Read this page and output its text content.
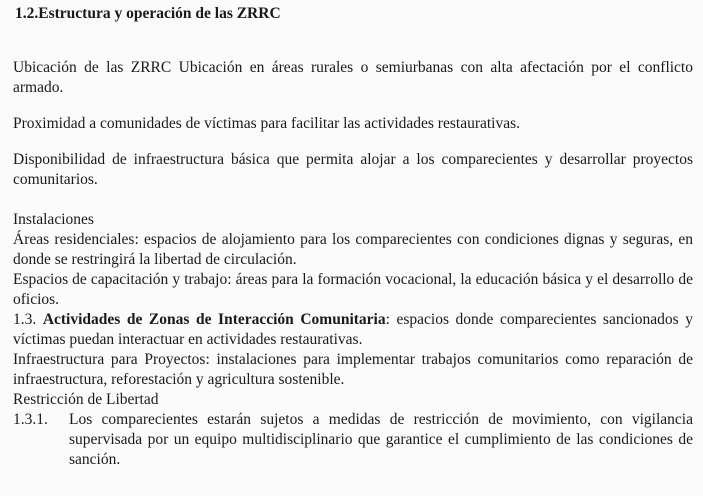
1.2.Estructura y operación de las ZRRC

Ubicación de las ZRRC Ubicación en áreas rurales o semiurbanas con alta afectación por el conflicto armado.

Proximidad a comunidades de víctimas para facilitar las actividades restaurativas.

Disponibilidad de infraestructura básica que permita alojar a los comparecientes y desarrollar proyectos comunitarios.

Instalaciones

Áreas residenciales: espacios de alojamiento para los comparecientes con condiciones dignas y seguras, en donde se restringirá la libertad de circulación.

Espacios de capacitación y trabajo: áreas para la formación vocacional, la educación básica y el desarrollo de oficios.

1.3. Actividades de Zonas de Interacción Comunitaria: espacios donde comparecientes sancionados y víctimas puedan interactuar en actividades restaurativas.

Infraestructura para Proyectos: instalaciones para implementar trabajos comunitarios como reparación de infraestructura, reforestación y agricultura sostenible.

Restricción de Libertad

1.3.1.	Los comparecientes estarán sujetos a medidas de restricción de movimiento, con vigilancia supervisada por un equipo multidisciplinario que garantice el cumplimiento de las condiciones de sanción.
